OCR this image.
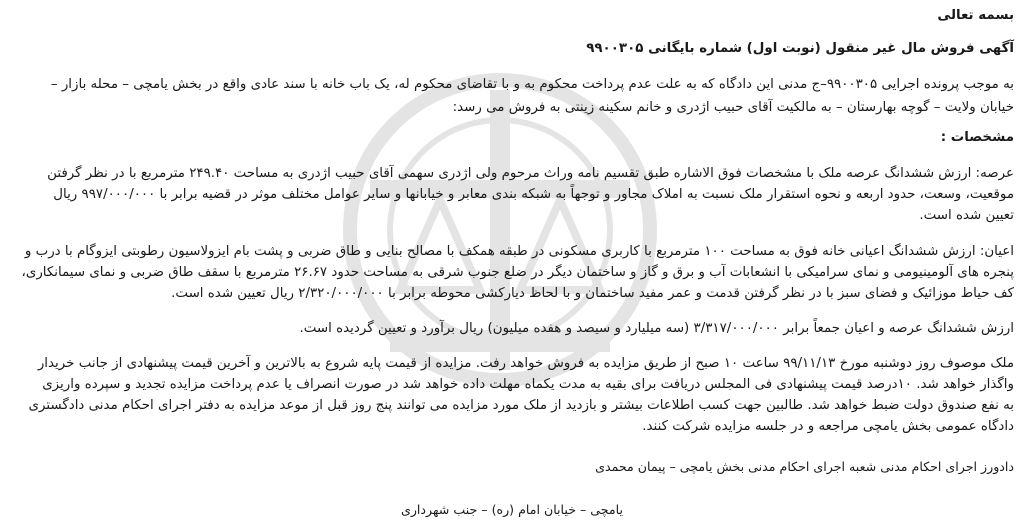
بسمه تعالی
آگهی فروش مال غیر منقول (نوبت اول) شماره بایگانی ۹۹۰۰۳۰۵
به موجب پرونده اجرایی ۹۹۰۰۳۰۵–ج مدنی این دادگاه که به علت عدم پرداخت محکوم به و با تقاضای محکوم له، یک باب خانه با سند عادی واقع در بخش یامچی – محله بازار –
خیابان ولایت – گوچه بهارستان – به مالکیت آقای حبیب اژدری و خانم سکینه زینتی به فروش می رسد:
مشخصات :
عرصه: ارزش ششدانگ عرصه ملک با مشخصات فوق الاشاره طبق تقسیم نامه وراث مرحوم ولی اژدری سهمی آقای حبیب اژدری به مساحت ۲۴۹.۴۰ مترمربع با در نظر گرفتن
موقعیت، وسعت، حدود اربعه و نحوه استقرار ملک نسبت به املاک مجاور و توجهاً به شبکه بندی معابر و خیابانها و سایر عوامل مختلف موثر در قضیه برابر با ۹۹۷/۰۰۰/۰۰۰ ریال
تعیین شده است.
اعیان: ارزش ششدانگ اعیانی خانه فوق به مساحت ۱۰۰ مترمربع با کاربری مسکونی در طبقه همکف با مصالح بنایی و طاق ضربی و پشت بام ایزولاسیون رطوبتی ایزوگام با درب و
پنجره های آلومینیومی و نمای سرامیکی با انشعابات آب و برق و گاز و ساختمان دیگر در ضلع جنوب شرقی به مساحت حدود ۲۶.۶۷ مترمربع با سقف طاق ضربی و نمای سیمانکاری،
کف حیاط موزائیک و فضای سبز با در نظر گرفتن قدمت و عمر مفید ساختمان و با لحاظ دیارکشی محوطه برابر با ۲/۳۲۰/۰۰۰/۰۰۰ ریال تعیین شده است.
ارزش ششدانگ عرصه و اعیان جمعاً برابر ۳/۳۱۷/۰۰۰/۰۰۰ (سه میلیارد و سیصد و هفده میلیون) ریال برآورد و تعیین گردیده است.
ملک موصوف روز دوشنبه مورخ ۹۹/۱۱/۱۳ ساعت ۱۰ صبح از طریق مزایده به فروش خواهد رفت. مزایده از قیمت پایه شروع به بالاترین و آخرین قیمت پیشنهادی از جانب خریدار
واگذار خواهد شد. ۱۰درصد قیمت پیشنهادی فی المجلس دریافت برای بقیه به مدت یکماه مهلت داده خواهد شد در صورت انصراف یا عدم پرداخت مزایده تجدید و سپرده واریزی
به نفع صندوق دولت ضبط خواهد شد. طالبین جهت کسب اطلاعات بیشتر و بازدید از ملک مورد مزایده می توانند پنج روز قبل از موعد مزایده به دفتر اجرای احکام مدنی دادگستری
دادگاه عمومی بخش یامچی مراجعه و در جلسه مزایده شرکت کنند.
دادورز اجرای احکام مدنی شعبه اجرای احکام مدنی بخش یامچی – پیمان محمدی
یامچی – خیابان امام (ره) – جنب شهرداری
